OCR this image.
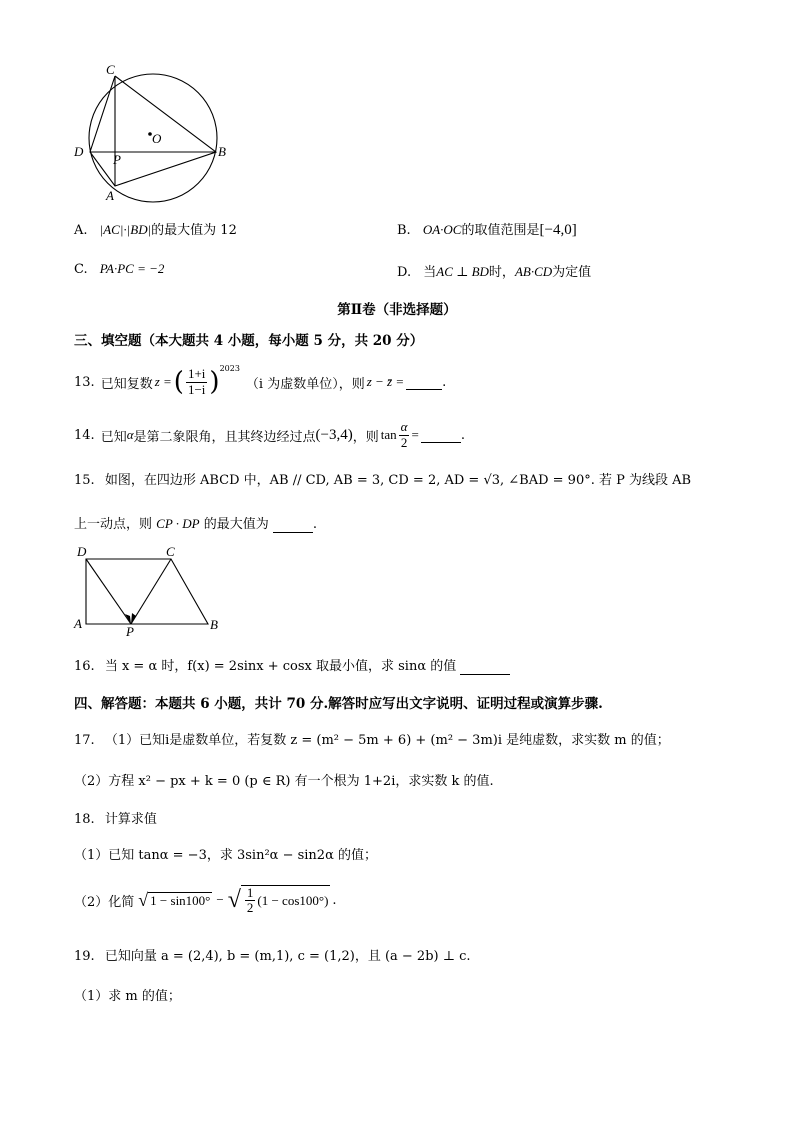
C
O
D
P
B
A
A. |AC|·|BD|的最大值为 12	B. OA·OC的取值范围是[−4,0]
C. PA·PC = −2	D. 当AC ⊥ BD时，AB·CD为定值
第Ⅱ卷（非选择题）
三、填空题（本大题共 4 小题，每小题 5 分，共 20 分）
13. 已知复数 z = ( $\frac{1+i}{1-i} )^{2023}$
（i 为虚数单位），则 z − z̄ =
	.
14. 已知 α 是第二象限角，且其终边经过点 (−3,4) ，则 $\tan \frac{\alpha}{2}$ =
	.
15. 如图，在四边形 ABCD 中，AB // CD, AB = 3, CD = 2, AD = √3, ∠BAD = 90°. 若 P 为线段 AB
上一动点，则 CP · DP 的最大值为	.
D	C
A
P	B
16. 当 x = α 时，f(x) = 2sinx + cosx 取最小值，求 sinα 的值
四、解答题：本题共 6 小题，共计 70 分.解答时应写出文字说明、证明过程或演算步骤.
17. （1）已知i是虚数单位，若复数 z = (m² − 5m + 6) + (m² − 3m)i 是纯虚数，求实数 m 的值；
（2）方程 x² − px + k = 0 (p ∈ R) 有一个根为 1+2i，求实数 k 的值.
18. 计算求值
（1）已知 tanα = −3，求 3sin²α − sin2α 的值；
（2）化简 √ 1 − sin100° − √ $\frac{1}{2} (1 - \cos 100^\circ)$ .
19. 已知向量 a = (2,4), b = (m,1), c = (1,2)，且 (a − 2b) ⊥ c.
（1）求 m 的值；
